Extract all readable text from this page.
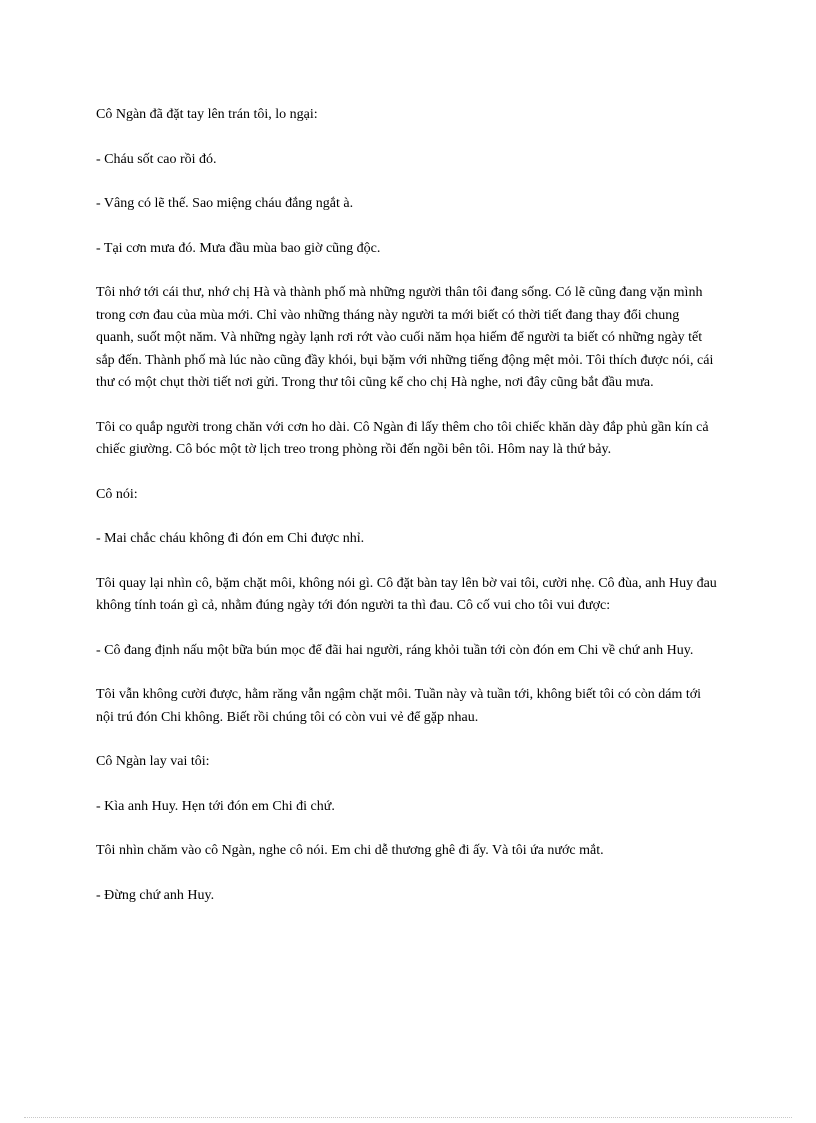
Cô Ngàn đã đặt tay lên trán tôi, lo ngại:

- Cháu sốt cao rồi đó.

- Vâng có lẽ thế. Sao miệng cháu đắng ngắt à.

- Tại cơn mưa đó. Mưa đầu mùa bao giờ cũng độc.

Tôi nhớ tới cái thư, nhớ chị Hà và thành phố mà những người thân tôi đang sống. Có lẽ cũng đang vặn mình trong cơn đau của mùa mới. Chỉ vào những tháng này người ta mới biết có thời tiết đang thay đổi chung quanh, suốt một năm. Và những ngày lạnh rơi rớt vào cuối năm họa hiếm để người ta biết có những ngày tết sắp đến. Thành phố mà lúc nào cũng đầy khói, bụi bặm với những tiếng động mệt mỏi. Tôi thích được nói, cái thư có một chụt thời tiết nơi gửi. Trong thư tôi cũng kể cho chị Hà nghe, nơi đây cũng bắt đầu mưa.

Tôi co quắp người trong chăn với cơn ho dài. Cô Ngàn đi lấy thêm cho tôi chiếc khăn dày đắp phủ gần kín cả chiếc giường. Cô bóc một tờ lịch treo trong phòng rồi đến ngồi bên tôi. Hôm nay là thứ bảy.

Cô nói:

- Mai chắc cháu không đi đón em Chi được nhỉ.

Tôi quay lại nhìn cô, bặm chặt môi, không nói gì. Cô đặt bàn tay lên bờ vai tôi, cười nhẹ. Cô đùa, anh Huy đau không tính toán gì cả, nhằm đúng ngày tới đón người ta thì đau. Cô cố vui cho tôi vui được:

- Cô đang định nấu một bữa bún mọc để đãi hai người, ráng khỏi tuần tới còn đón em Chi về chứ anh Huy.

Tôi vẫn không cười được, hằm răng vẫn ngậm chặt môi. Tuần này và tuần tới, không biết tôi có còn dám tới nội trú đón Chi không. Biết rồi chúng tôi có còn vui vẻ để gặp nhau.

Cô Ngàn lay vai tôi:

- Kìa anh Huy. Hẹn tới đón em Chi đi chứ.

Tôi nhìn chăm vào cô Ngàn, nghe cô nói. Em chi dễ thương ghê đi ấy. Và tôi ứa nước mắt.

- Đừng chứ anh Huy.
